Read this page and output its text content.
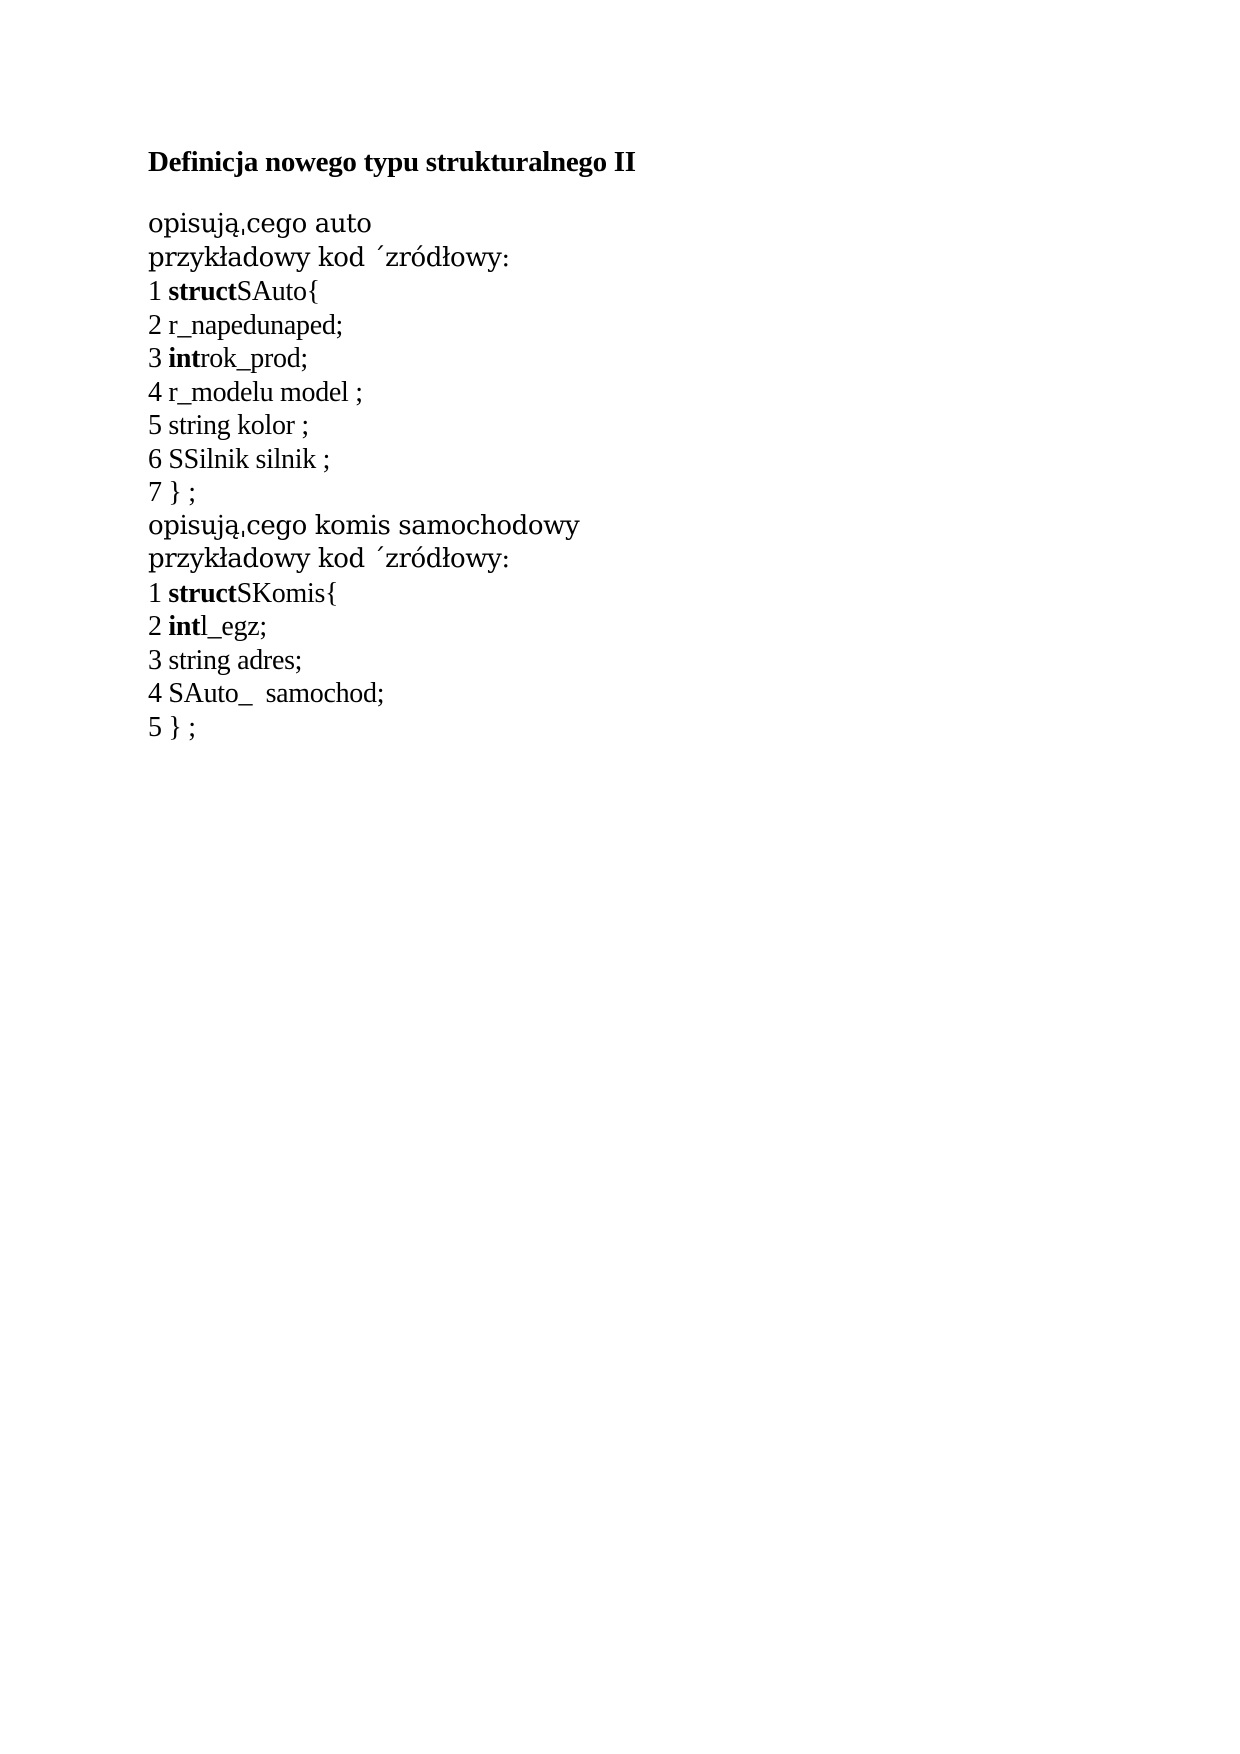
Definicja nowego typu strukturalnego II
opisująˌcego auto
przykładowy kod ´zródłowy:
1 structSAuto{
2 r_napedunaped;
3 introk_prod;
4 r_modelu model ;
5 string kolor ;
6 SSilnik silnik ;
7 } ;
opisująˌcego komis samochodowy
przykładowy kod ´zródłowy:
1 structSKomis{
2 intl_egz;
3 string adres;
4 SAuto_  samochod;
5 } ;
